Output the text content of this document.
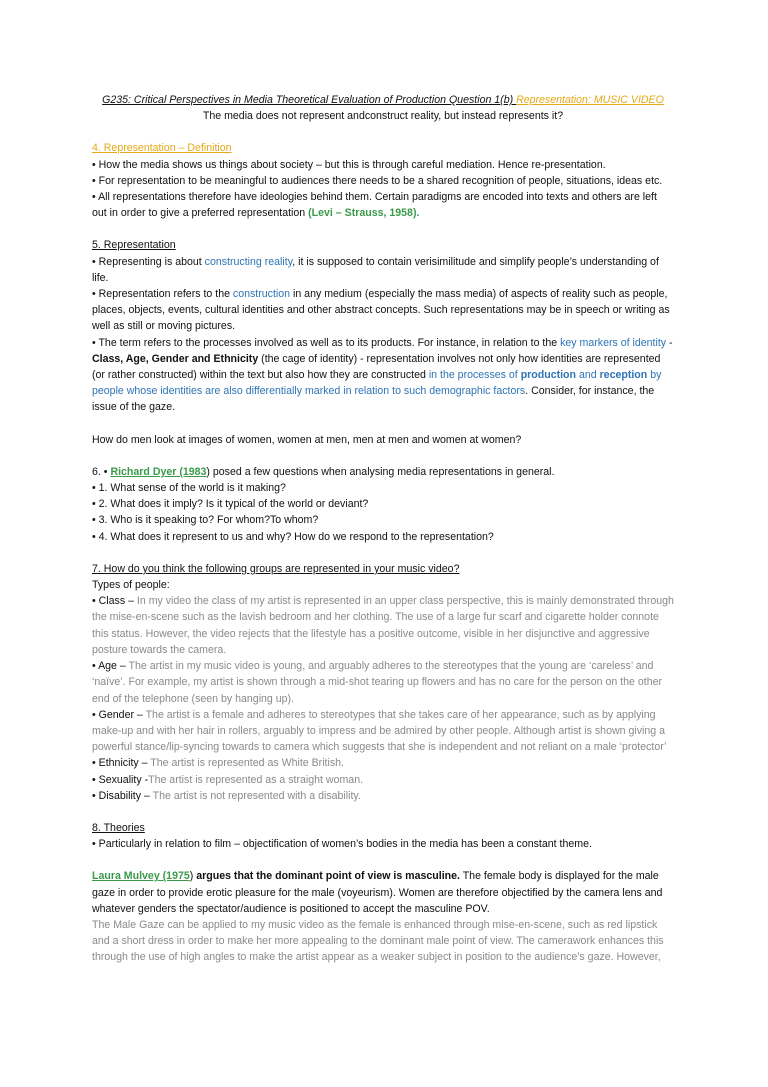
G235: Critical Perspectives in Media Theoretical Evaluation of Production Question 1(b) Representation: MUSIC VIDEO

The media does not represent andconstruct reality, but instead represents it?

4. Representation – Definition

• How the media shows us things about society – but this is through careful mediation. Hence re-presentation.

• For representation to be meaningful to audiences there needs to be a shared recognition of people, situations, ideas etc.

• All representations therefore have ideologies behind them. Certain paradigms are encoded into texts and others are left out in order to give a preferred representation (Levi – Strauss, 1958).

5. Representation

• Representing is about constructing reality, it is supposed to contain verisimilitude and simplify people’s understanding of life.

• Representation refers to the construction in any medium (especially the mass media) of aspects of reality such as people, places, objects, events, cultural identities and other abstract concepts. Such representations may be in speech or writing as well as still or moving pictures.

• The term refers to the processes involved as well as to its products. For instance, in relation to the key markers of identity - Class, Age, Gender and Ethnicity (the cage of identity) - representation involves not only how identities are represented (or rather constructed) within the text but also how they are constructed in the processes of production and reception by people whose identities are also differentially marked in relation to such demographic factors. Consider, for instance, the issue of the gaze.

How do men look at images of women, women at men, men at men and women at women?

6. • Richard Dyer (1983) posed a few questions when analysing media representations in general.

• 1. What sense of the world is it making?

• 2. What does it imply? Is it typical of the world or deviant?

• 3. Who is it speaking to? For whom?To whom?

• 4. What does it represent to us and why? How do we respond to the representation?

7. How do you think the following groups are represented in your music video?

Types of people:

• Class – In my video the class of my artist is represented in an upper class perspective, this is mainly demonstrated through the mise-en-scene such as the lavish bedroom and her clothing. The use of a large fur scarf and cigarette holder connote this status. However, the video rejects that the lifestyle has a positive outcome, visible in her disjunctive and aggressive posture towards the camera.

• Age – The artist in my music video is young, and arguably adheres to the stereotypes that the young are ‘careless’ and ‘naïve’. For example, my artist is shown through a mid-shot tearing up flowers and has no care for the person on the other end of the telephone (seen by hanging up).

• Gender – The artist is a female and adheres to stereotypes that she takes care of her appearance, such as by applying make-up and with her hair in rollers, arguably to impress and be admired by other people. Although artist is shown giving a powerful stance/lip-syncing towards to camera which suggests that she is independent and not reliant on a male ‘protector’

• Ethnicity – The artist is represented as White British.

• Sexuality -The artist is represented as a straight woman.

• Disability – The artist is not represented with a disability.

8. Theories

• Particularly in relation to film – objectification of women’s bodies in the media has been a constant theme.

Laura Mulvey (1975) argues that the dominant point of view is masculine. The female body is displayed for the male gaze in order to provide erotic pleasure for the male (voyeurism). Women are therefore objectified by the camera lens and whatever genders the spectator/audience is positioned to accept the masculine POV.

The Male Gaze can be applied to my music video as the female is enhanced through mise-en-scene, such as red lipstick and a short dress in order to make her more appealing to the dominant male point of view. The camerawork enhances this through the use of high angles to make the artist appear as a weaker subject in position to the audience’s gaze. However,
